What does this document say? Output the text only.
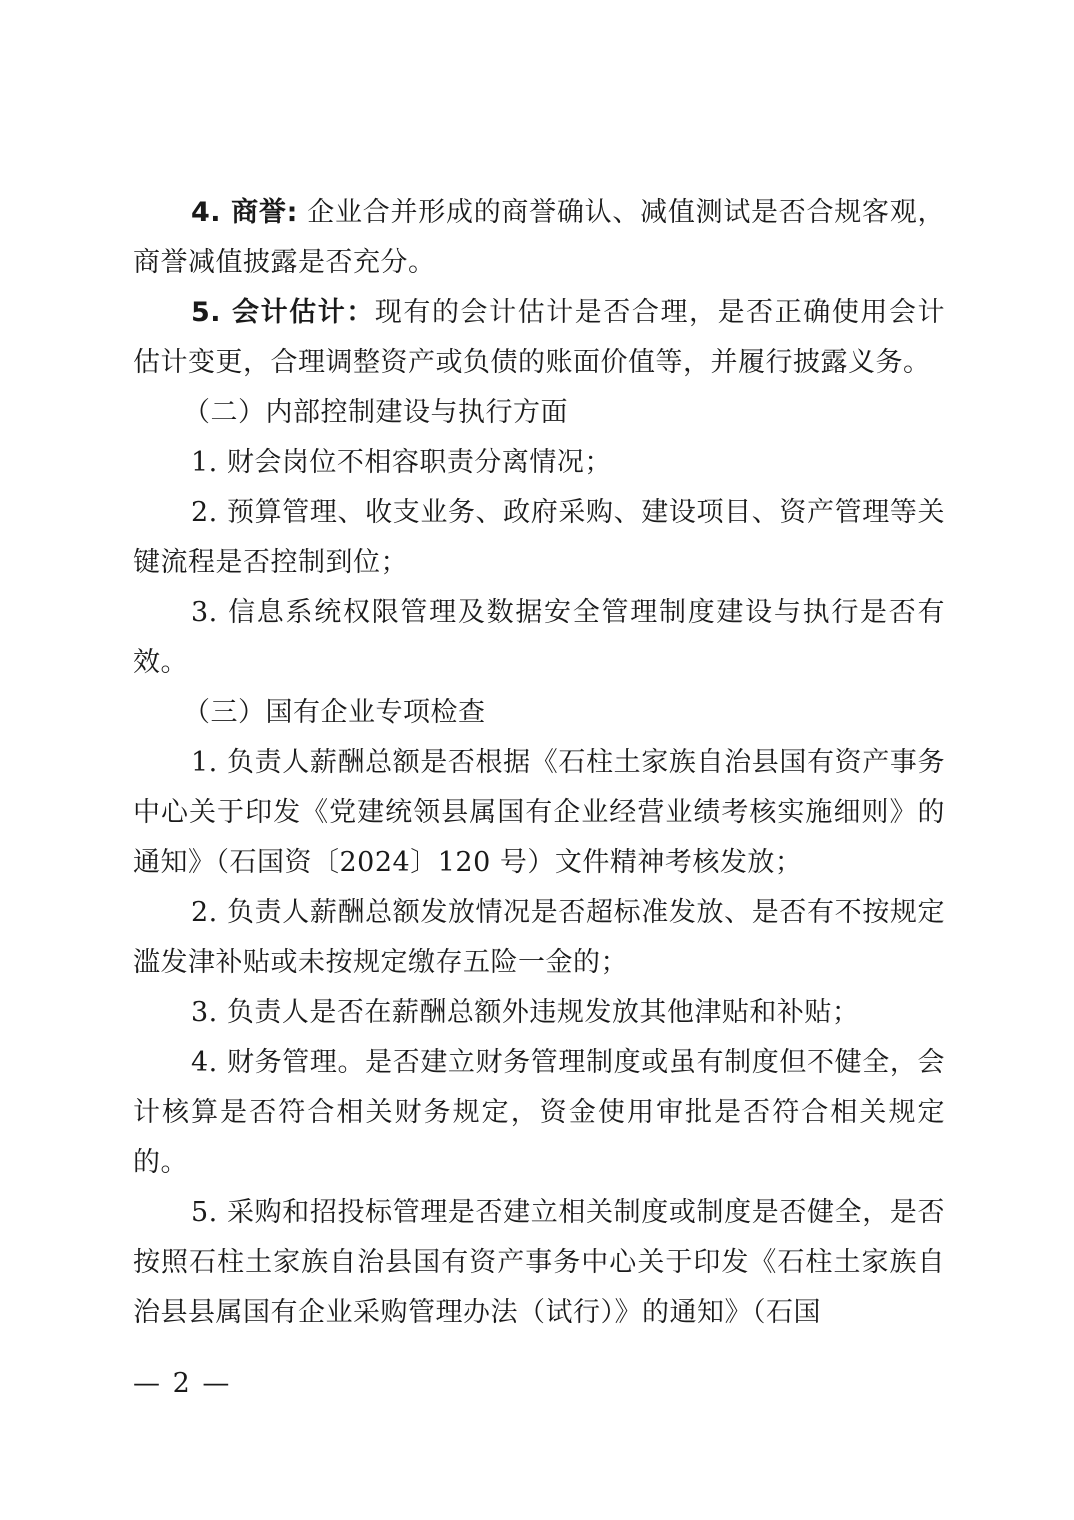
4. 商誉: 企业合并形成的商誉确认、减值测试是否合规客观，商誉减值披露是否充分。

5. 会计估计：现有的会计估计是否合理，是否正确使用会计估计变更，合理调整资产或负债的账面价值等，并履行披露义务。

（二）内部控制建设与执行方面

1. 财会岗位不相容职责分离情况；

2. 预算管理、收支业务、政府采购、建设项目、资产管理等关键流程是否控制到位；

3. 信息系统权限管理及数据安全管理制度建设与执行是否有效。

（三）国有企业专项检查

1. 负责人薪酬总额是否根据《石柱土家族自治县国有资产事务中心关于印发《党建统领县属国有企业经营业绩考核实施细则》的通知》（石国资〔2024〕120 号）文件精神考核发放；

2. 负责人薪酬总额发放情况是否超标准发放、是否有不按规定滥发津补贴或未按规定缴存五险一金的；

3. 负责人是否在薪酬总额外违规发放其他津贴和补贴；

4. 财务管理。是否建立财务管理制度或虽有制度但不健全，会计核算是否符合相关财务规定，资金使用审批是否符合相关规定的。

5. 采购和招投标管理是否建立相关制度或制度是否健全，是否按照石柱土家族自治县国有资产事务中心关于印发《石柱土家族自治县县属国有企业采购管理办法（试行）》的通知》（石国

— 2 —
